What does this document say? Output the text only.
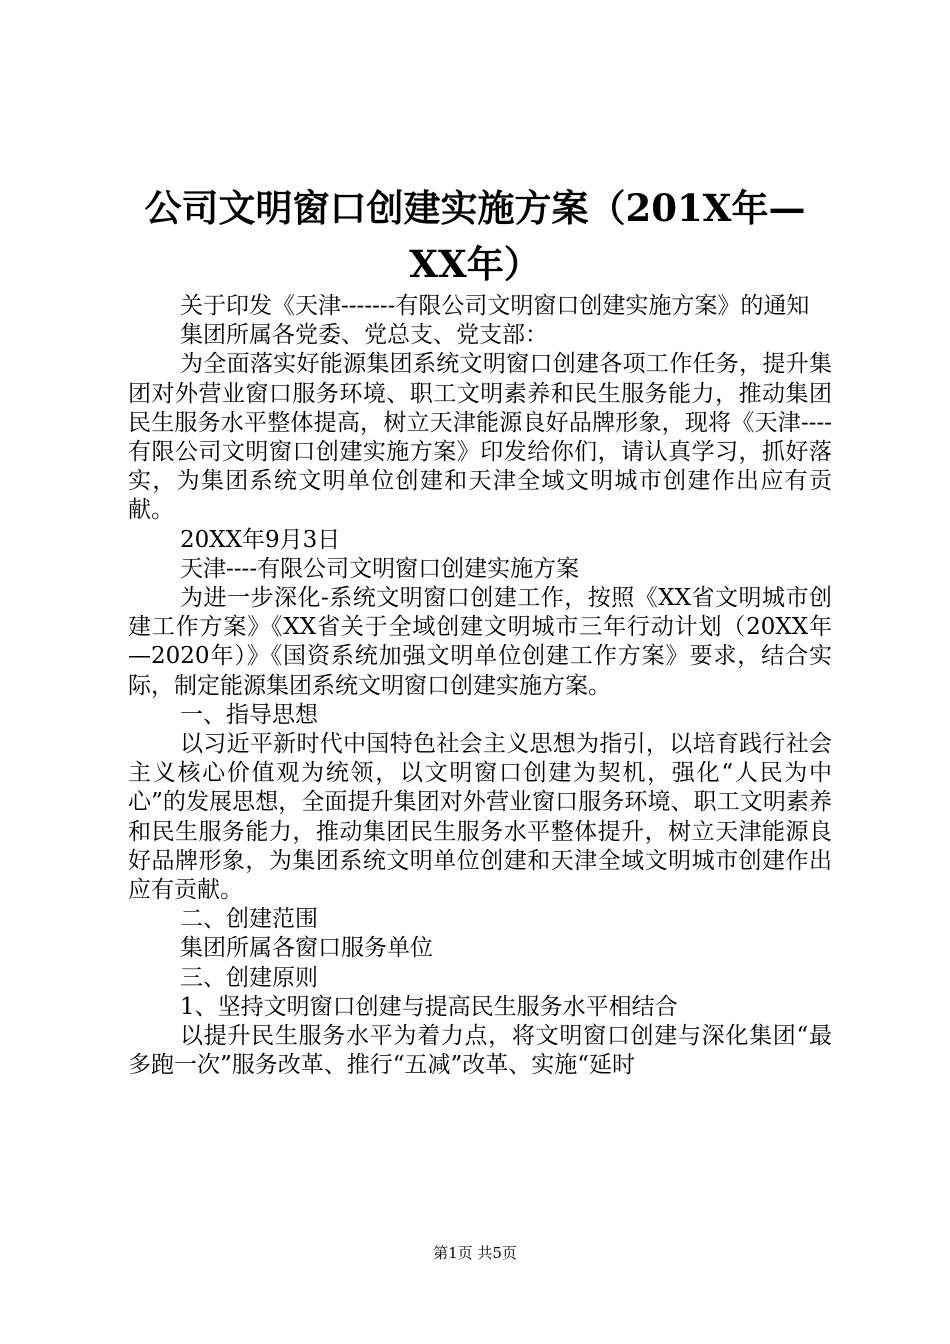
公司文明窗口创建实施方案（201X年—XX年）

关于印发《天津-------有限公司文明窗口创建实施方案》的通知

集团所属各党委、党总支、党支部：

为全面落实好能源集团系统文明窗口创建各项工作任务，提升集团对外营业窗口服务环境、职工文明素养和民生服务能力，推动集团民生服务水平整体提高，树立天津能源良好品牌形象，现将《天津----有限公司文明窗口创建实施方案》印发给你们，请认真学习，抓好落实，为集团系统文明单位创建和天津全域文明城市创建作出应有贡献。

20XX年9月3日

天津----有限公司文明窗口创建实施方案

为进一步深化-系统文明窗口创建工作，按照《XX省文明城市创建工作方案》《XX省关于全域创建文明城市三年行动计划（20XX年—2020年）》《国资系统加强文明单位创建工作方案》要求，结合实际，制定能源集团系统文明窗口创建实施方案。

一、指导思想

以习近平新时代中国特色社会主义思想为指引，以培育践行社会主义核心价值观为统领，以文明窗口创建为契机，强化“人民为中心”的发展思想，全面提升集团对外营业窗口服务环境、职工文明素养和民生服务能力，推动集团民生服务水平整体提升，树立天津能源良好品牌形象，为集团系统文明单位创建和天津全域文明城市创建作出应有贡献。

二、创建范围

集团所属各窗口服务单位

三、创建原则

1、坚持文明窗口创建与提高民生服务水平相结合

以提升民生服务水平为着力点，将文明窗口创建与深化集团“最多跑一次”服务改革、推行“五减”改革、实施“延时

第1页 共5页
